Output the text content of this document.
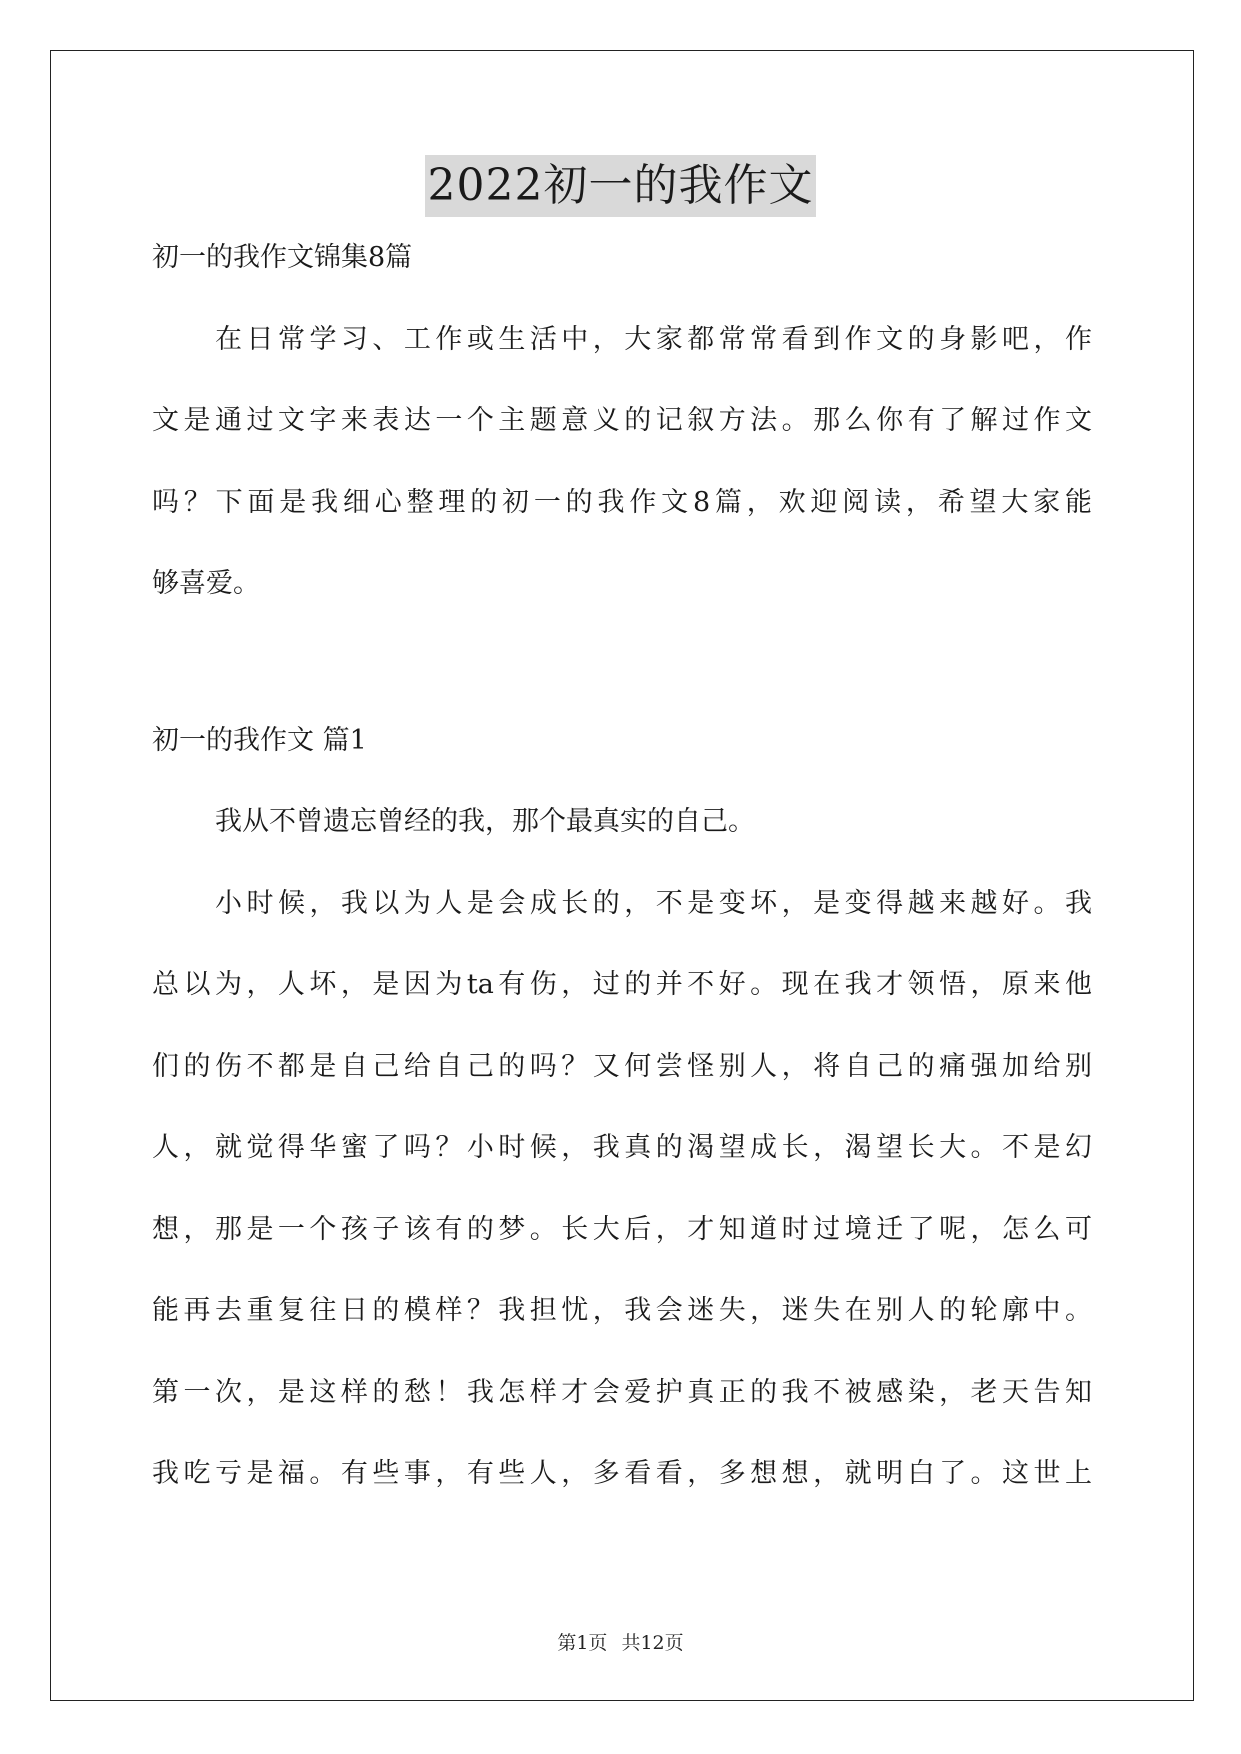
2022初一的我作文
初一的我作文锦集8篇
在日常学习、工作或生活中，大家都常常看到作文的身影吧，作
文是通过文字来表达一个主题意义的记叙方法。那么你有了解过作文
吗？下面是我细心整理的初一的我作文8篇，欢迎阅读，希望大家能
够喜爱。
初一的我作文 篇1
我从不曾遗忘曾经的我，那个最真实的自己。
小时候，我以为人是会成长的，不是变坏，是变得越来越好。我
总以为，人坏，是因为ta有伤，过的并不好。现在我才领悟，原来他
们的伤不都是自己给自己的吗？又何尝怪别人，将自己的痛强加给别
人，就觉得华蜜了吗？小时候，我真的渴望成长，渴望长大。不是幻
想，那是一个孩子该有的梦。长大后，才知道时过境迁了呢，怎么可
能再去重复往日的模样？我担忧，我会迷失，迷失在别人的轮廓中。
第一次，是这样的愁！我怎样才会爱护真正的我不被感染，老天告知
我吃亏是福。有些事，有些人，多看看，多想想，就明白了。这世上
第1页 共12页
